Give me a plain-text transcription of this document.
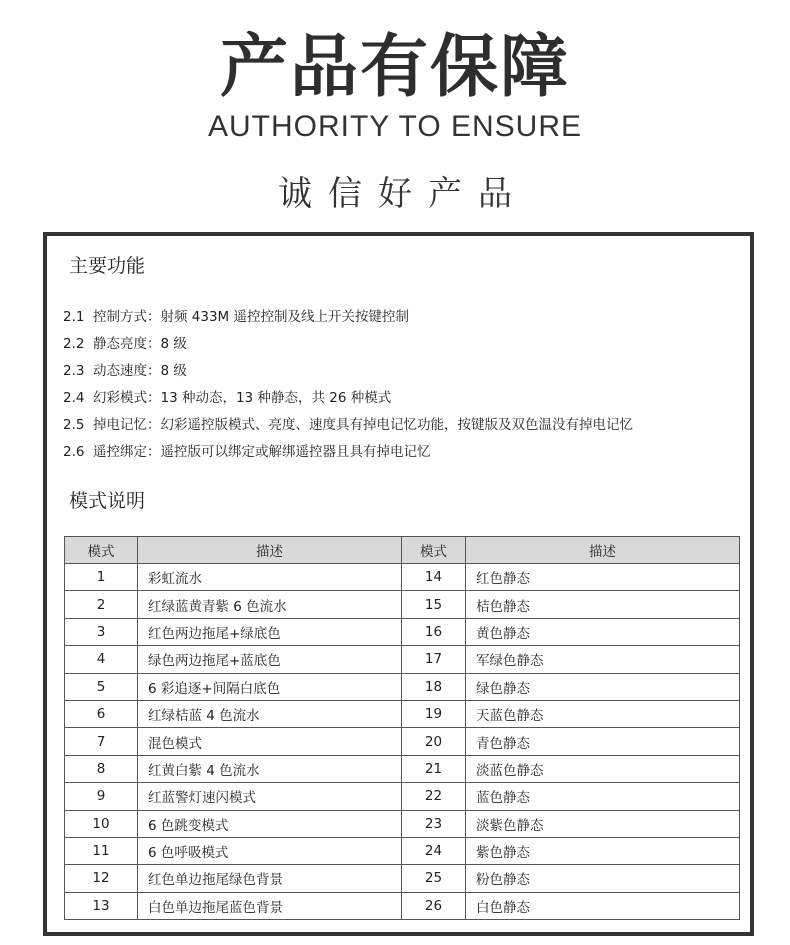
产品有保障
AUTHORITY TO ENSURE
诚信好产品
主要功能
2.1 控制方式：射频 433M 遥控控制及线上开关按键控制
2.2 静态亮度：8 级
2.3 动态速度：8 级
2.4 幻彩模式：13 种动态，13 种静态，共 26 种模式
2.5 掉电记忆：幻彩遥控版模式、亮度、速度具有掉电记忆功能，按键版及双色温没有掉电记忆
2.6 遥控绑定：遥控版可以绑定或解绑遥控器且具有掉电记忆
模式说明
模式	描述	模式	描述
1	彩虹流水	14	红色静态
2	红绿蓝黄青紫 6 色流水	15	桔色静态
3	红色两边拖尾+绿底色	16	黄色静态
4	绿色两边拖尾+蓝底色	17	军绿色静态
5	6 彩追逐+间隔白底色	18	绿色静态
6	红绿桔蓝 4 色流水	19	天蓝色静态
7	混色模式	20	青色静态
8	红黄白紫 4 色流水	21	淡蓝色静态
9	红蓝警灯速闪模式	22	蓝色静态
10	6 色跳变模式	23	淡紫色静态
11	6 色呼吸模式	24	紫色静态
12	红色单边拖尾绿色背景	25	粉色静态
13	白色单边拖尾蓝色背景	26	白色静态
